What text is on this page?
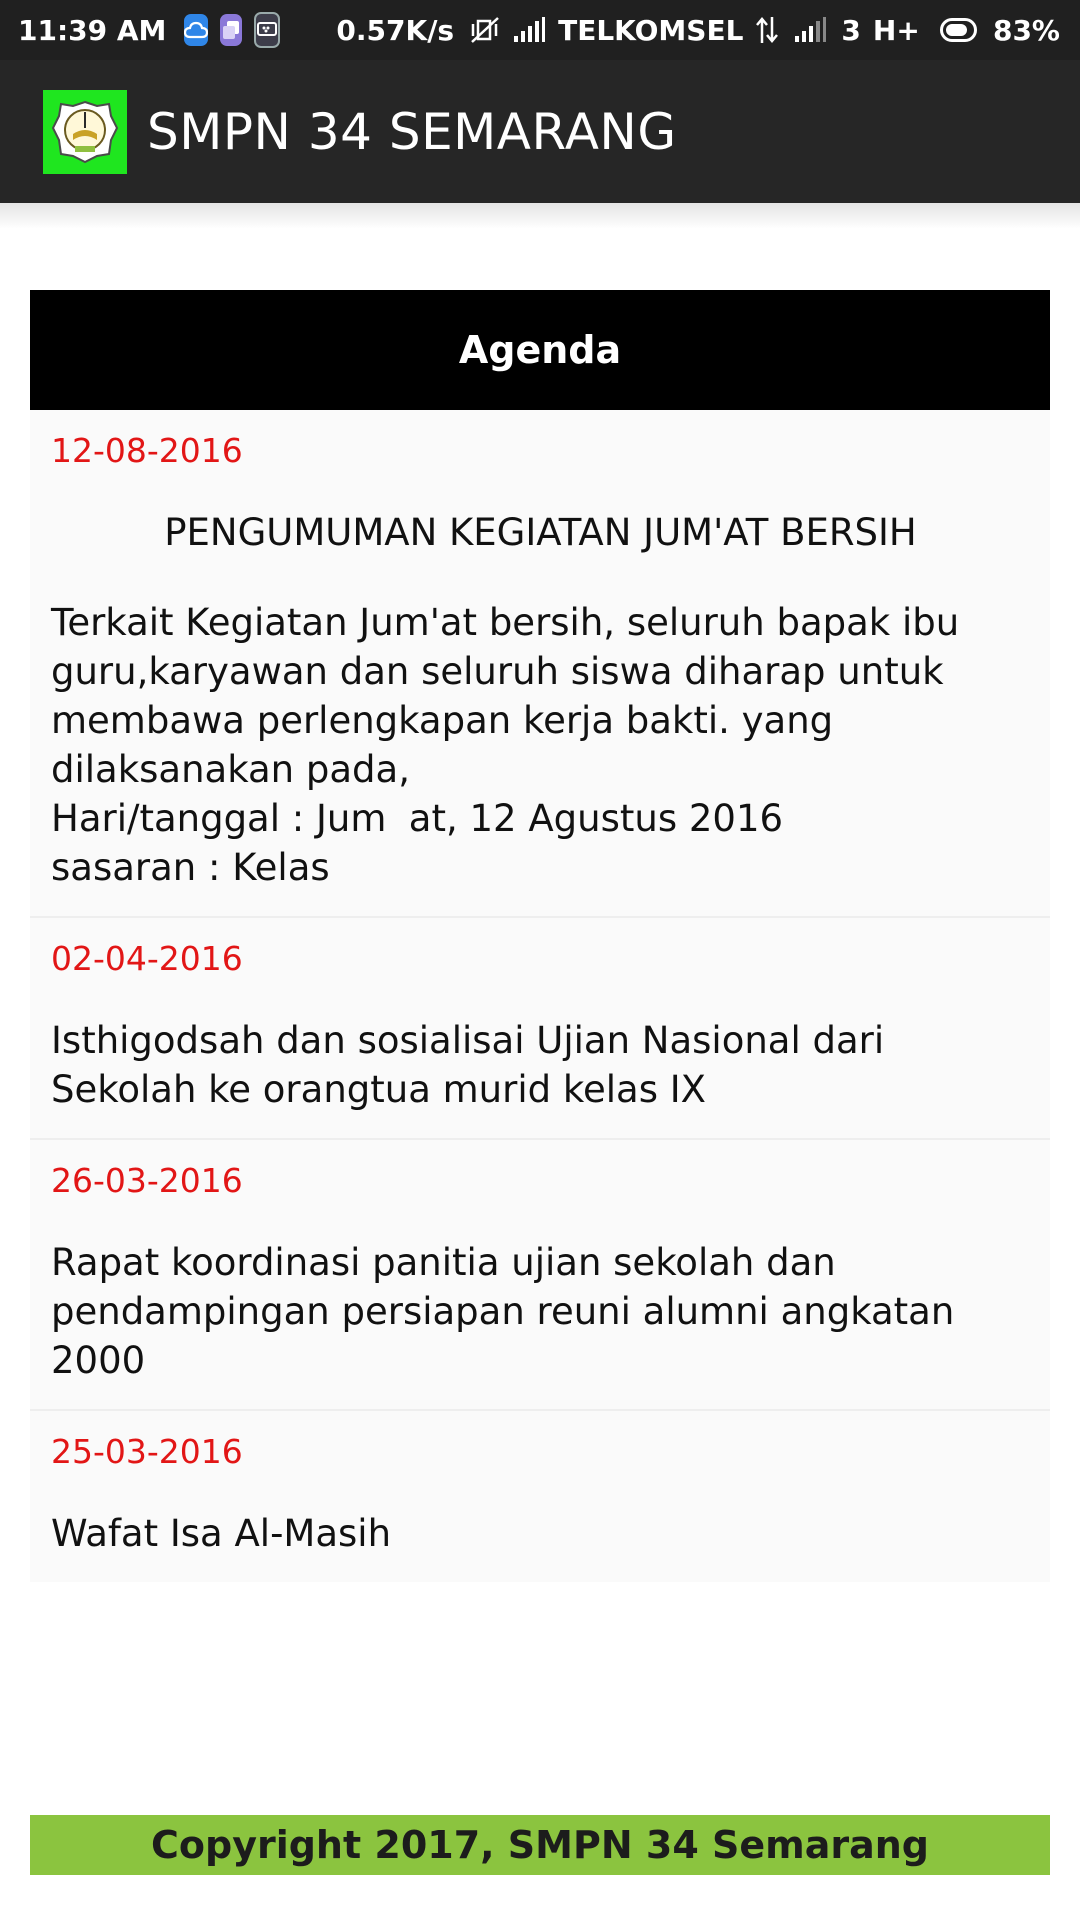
11:39 AM	0.57K/s	TELKOMSEL	3 H+	83%
SMPN 34 SEMARANG
Agenda
12-08-2016
PENGUMUMAN KEGIATAN JUM'AT BERSIH
Terkait Kegiatan Jum'at bersih, seluruh bapak ibu guru,karyawan dan seluruh siswa diharap untuk membawa perlengkapan kerja bakti. yang dilaksanakan pada,
Hari/tanggal : Jumat, 12 Agustus 2016
sasaran : Kelas
02-04-2016
Isthigodsah dan sosialisai Ujian Nasional dari Sekolah ke orangtua murid kelas IX
26-03-2016
Rapat koordinasi panitia ujian sekolah dan pendampingan persiapan reuni alumni angkatan 2000
25-03-2016
Wafat Isa Al-Masih
Copyright 2017, SMPN 34 Semarang
